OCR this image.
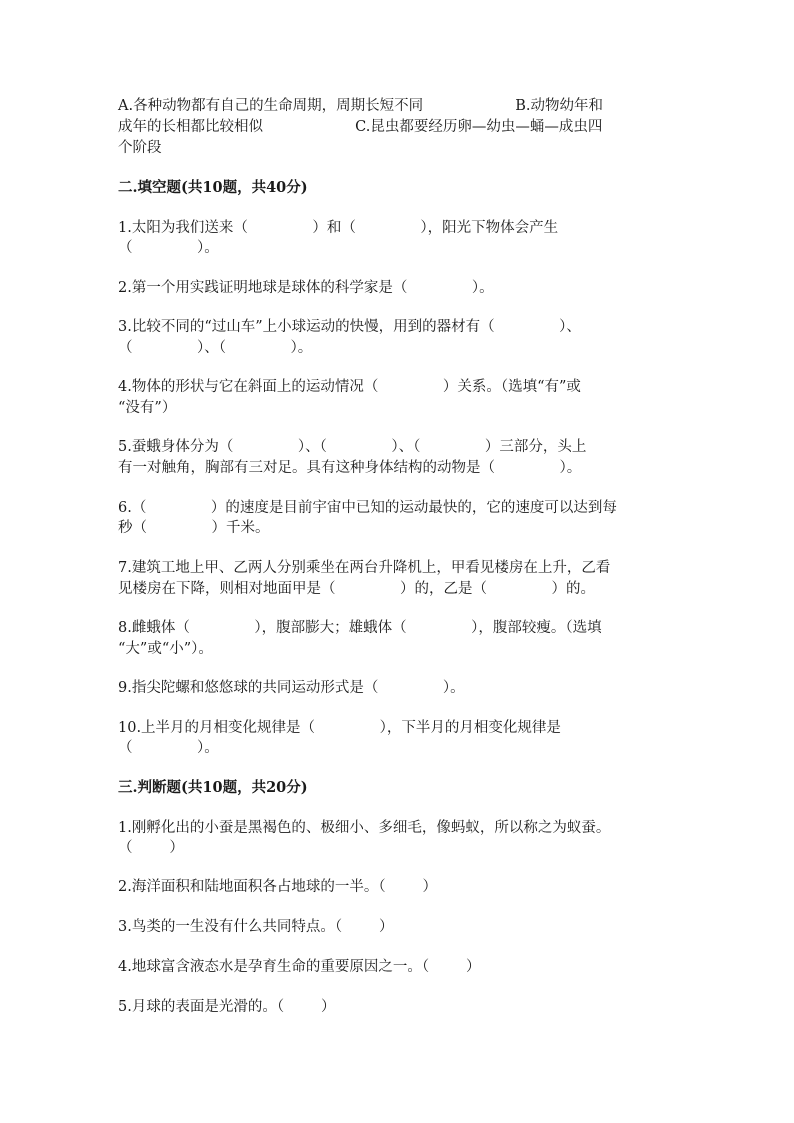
A.各种动物都有自己的生命周期，周期长短不同                    B.动物幼年和
成年的长相都比较相似                    C.昆虫都要经历卵—幼虫—蛹—成虫四
个阶段
二.填空题(共10题，共40分)
1.太阳为我们送来（              ）和（              ），阳光下物体会产生
（              ）。
2.第一个用实践证明地球是球体的科学家是（              ）。
3.比较不同的“过山车”上小球运动的快慢，用到的器材有（              ）、
（              ）、（              ）。
4.物体的形状与它在斜面上的运动情况（              ）关系。（选填“有”或
“没有”）
5.蚕蛾身体分为（              ）、（              ）、（              ）三部分，头上
有一对触角，胸部有三对足。具有这种身体结构的动物是（              ）。
6.（              ）的速度是目前宇宙中已知的运动最快的，它的速度可以达到每
秒（              ）千米。
7.建筑工地上甲、乙两人分别乘坐在两台升降机上，甲看见楼房在上升，乙看
见楼房在下降，则相对地面甲是（              ）的，乙是（              ）的。
8.雌蛾体（              ），腹部膨大；雄蛾体（              ），腹部较瘦。（选填
“大”或“小”）。
9.指尖陀螺和悠悠球的共同运动形式是（              ）。
10.上半月的月相变化规律是（              ），下半月的月相变化规律是
（              ）。
三.判断题(共10题，共20分)
1.刚孵化出的小蚕是黑褐色的、极细小、多细毛，像蚂蚁，所以称之为蚁蚕。
（        ）
2.海洋面积和陆地面积各占地球的一半。（        ）
3.鸟类的一生没有什么共同特点。（        ）
4.地球富含液态水是孕育生命的重要原因之一。（        ）
5.月球的表面是光滑的。（        ）
